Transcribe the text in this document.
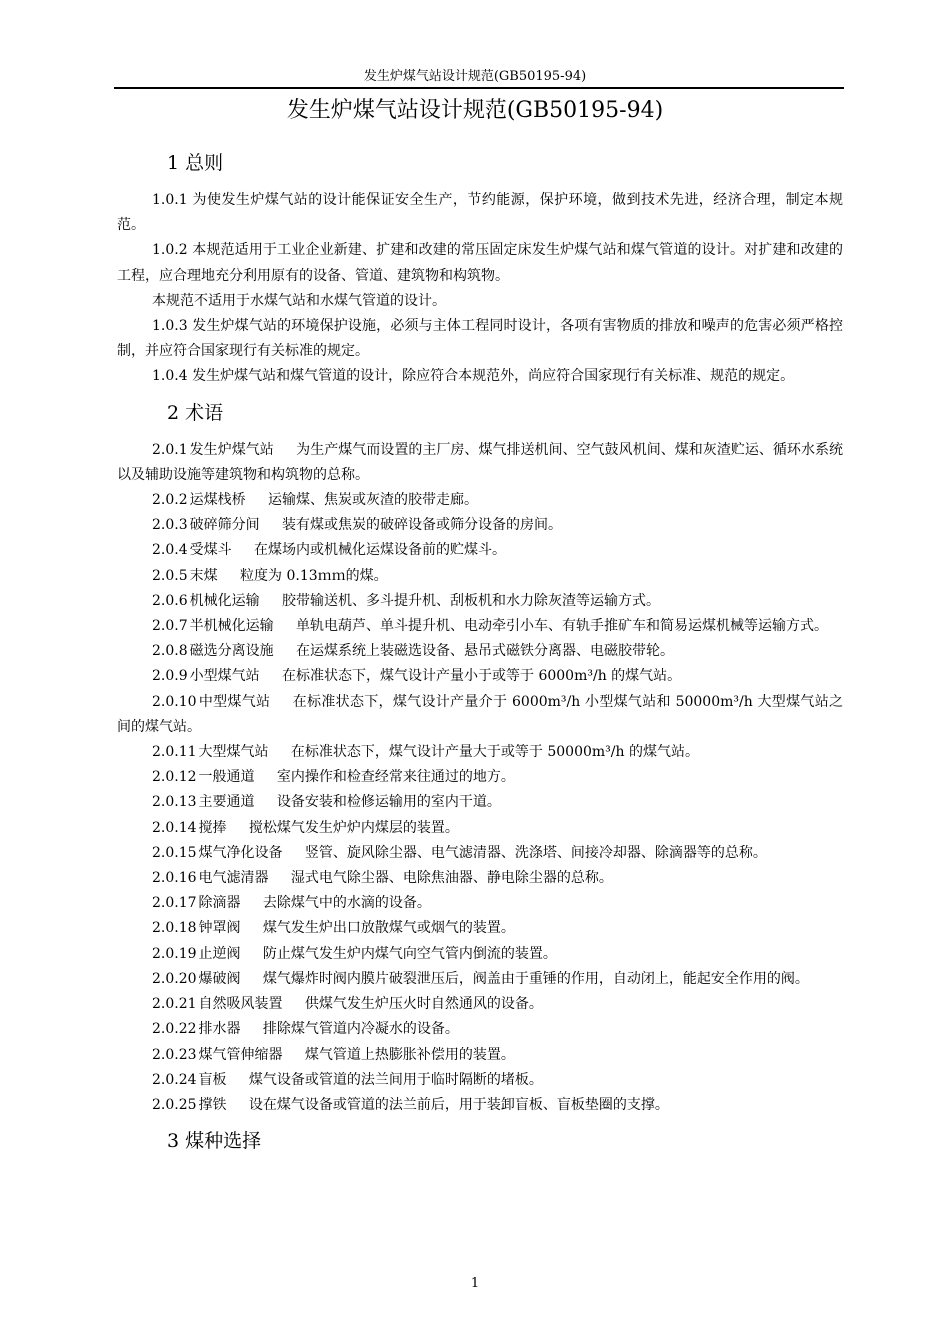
发生炉煤气站设计规范(GB50195-94)
发生炉煤气站设计规范(GB50195-94)
1 总则

1.0.1 为使发生炉煤气站的设计能保证安全生产，节约能源，保护环境，做到技术先进，经济合理，制定本规范。

1.0.2 本规范适用于工业企业新建、扩建和改建的常压固定床发生炉煤气站和煤气管道的设计。对扩建和改建的工程，应合理地充分利用原有的设备、管道、建筑物和构筑物。

本规范不适用于水煤气站和水煤气管道的设计。

1.0.3 发生炉煤气站的环境保护设施，必须与主体工程同时设计，各项有害物质的排放和噪声的危害必须严格控制，并应符合国家现行有关标准的规定。

1.0.4 发生炉煤气站和煤气管道的设计，除应符合本规范外，尚应符合国家现行有关标准、规范的规定。

2 术语

2.0.1 发生炉煤气站 为生产煤气而设置的主厂房、煤气排送机间、空气鼓风机间、煤和灰渣贮运、循环水系统以及辅助设施等建筑物和构筑物的总称。

2.0.2 运煤栈桥 运输煤、焦炭或灰渣的胶带走廊。

2.0.3 破碎筛分间 装有煤或焦炭的破碎设备或筛分设备的房间。

2.0.4 受煤斗 在煤场内或机械化运煤设备前的贮煤斗。

2.0.5 末煤 粒度为 0.13ｍｍ的煤。

2.0.6 机械化运输 胶带输送机、多斗提升机、刮板机和水力除灰渣等运输方式。

2.0.7 半机械化运输 单轨电葫芦、单斗提升机、电动牵引小车、有轨手推矿车和简易运煤机械等运输方式。

2.0.8 磁选分离设施 在运煤系统上装磁选设备、悬吊式磁铁分离器、电磁胶带轮。

2.0.9 小型煤气站 在标准状态下，煤气设计产量小于或等于 6000m³/h 的煤气站。

2.0.10 中型煤气站 在标准状态下，煤气设计产量介于 6000m³/h 小型煤气站和 50000m³/h 大型煤气站之间的煤气站。

2.0.11 大型煤气站 在标准状态下，煤气设计产量大于或等于 50000m³/h 的煤气站。

2.0.12 一般通道 室内操作和检查经常来往通过的地方。

2.0.13 主要通道 设备安装和检修运输用的室内干道。

2.0.14 搅捧 搅松煤气发生炉炉内煤层的装置。

2.0.15 煤气净化设备 竖管、旋风除尘器、电气滤清器、洗涤塔、间接冷却器、除滴器等的总称。

2.0.16 电气滤清器 湿式电气除尘器、电除焦油器、静电除尘器的总称。

2.0.17 除滴器 去除煤气中的水滴的设备。

2.0.18 钟罩阀 煤气发生炉出口放散煤气或烟气的装置。

2.0.19 止逆阀 防止煤气发生炉内煤气向空气管内倒流的装置。

2.0.20 爆破阀 煤气爆炸时阀内膜片破裂泄压后，阀盖由于重锤的作用，自动闭上，能起安全作用的阀。

2.0.21 自然吸风装置 供煤气发生炉压火时自然通风的设备。

2.0.22 排水器 排除煤气管道内冷凝水的设备。

2.0.23 煤气管伸缩器 煤气管道上热膨胀补偿用的装置。

2.0.24 盲板 煤气设备或管道的法兰间用于临时隔断的堵板。

2.0.25 撑铁 设在煤气设备或管道的法兰前后，用于装卸盲板、盲板垫圈的支撑。

3 煤种选择
1
